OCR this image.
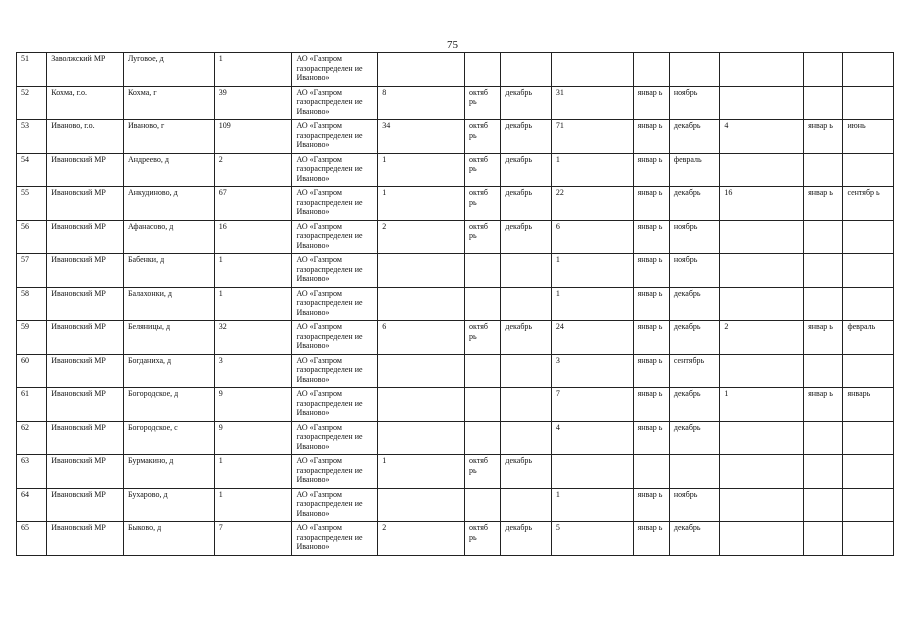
75
51	Заволжский МР	Луговое, д	1	АО «Газпром газораспределен ие Иваново»									
52	Кохма, г.о.	Кохма, г	39	АО «Газпром газораспределен ие Иваново»	8	октяб рь	декабрь	31	январ ь	ноябрь			
53	Иваново, г.о.	Иваново, г	109	АО «Газпром газораспределен ие Иваново»	34	октяб рь	декабрь	71	январ ь	декабрь	4	январ ь	июнь
54	Ивановский МР	Андреево, д	2	АО «Газпром газораспределен ие Иваново»	1	октяб рь	декабрь	1	январ ь	февраль			
55	Ивановский МР	Анкудиново, д	67	АО «Газпром газораспределен ие Иваново»	1	октяб рь	декабрь	22	январ ь	декабрь	16	январ ь	сентябр ь
56	Ивановский МР	Афанасово, д	16	АО «Газпром газораспределен ие Иваново»	2	октяб рь	декабрь	6	январ ь	ноябрь			
57	Ивановский МР	Бабенки, д	1	АО «Газпром газораспределен ие Иваново»				1	январ ь	ноябрь			
58	Ивановский МР	Балахонки, д	1	АО «Газпром газораспределен ие Иваново»				1	январ ь	декабрь			
59	Ивановский МР	Беляницы, д	32	АО «Газпром газораспределен ие Иваново»	6	октяб рь	декабрь	24	январ ь	декабрь	2	январ ь	февраль
60	Ивановский МР	Богданиха, д	3	АО «Газпром газораспределен ие Иваново»				3	январ ь	сентябрь			
61	Ивановский МР	Богородское, д	9	АО «Газпром газораспределен ие Иваново»				7	январ ь	декабрь	1	январ ь	январь
62	Ивановский МР	Богородское, с	9	АО «Газпром газораспределен ие Иваново»				4	январ ь	декабрь			
63	Ивановский МР	Бурмакино, д	1	АО «Газпром газораспределен ие Иваново»	1	октяб рь	декабрь						
64	Ивановский МР	Бухарово, д	1	АО «Газпром газораспределен ие Иваново»				1	январ ь	ноябрь			
65	Ивановский МР	Быково, д	7	АО «Газпром газораспределен ие Иваново»	2	октяб рь	декабрь	5	январ ь	декабрь			
